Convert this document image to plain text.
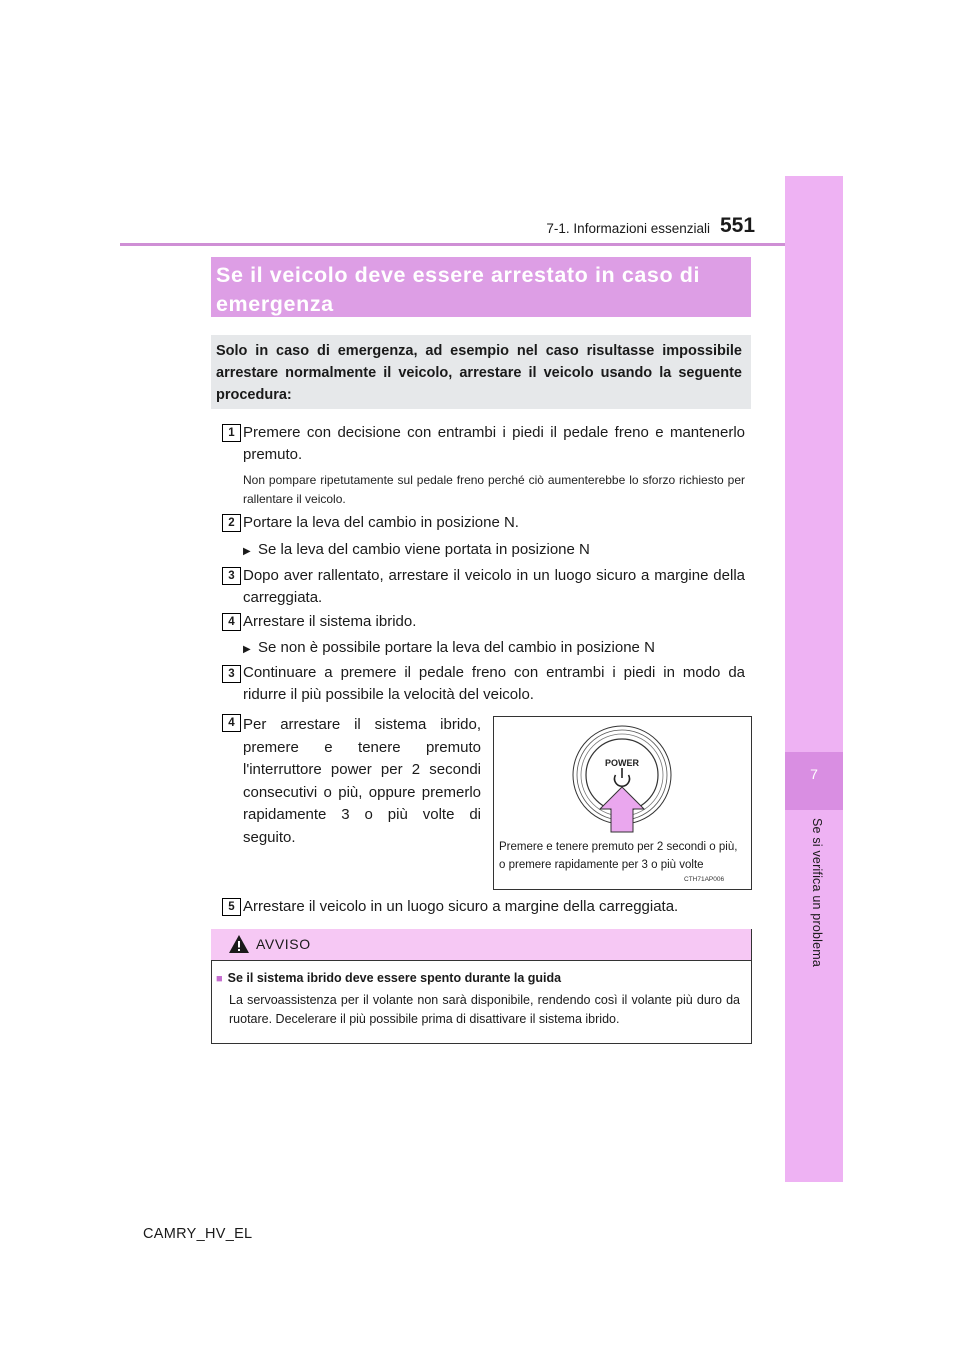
7-1. Informazioni essenziali 551
7
Se si verifica un problema
Se il veicolo deve essere arrestato in caso di emergenza
Solo in caso di emergenza, ad esempio nel caso risultasse impossibile arrestare normalmente il veicolo, arrestare il veicolo usando la seguente procedura:
1 Premere con decisione con entrambi i piedi il pedale freno e mantenerlo premuto.
Non pompare ripetutamente sul pedale freno perché ciò aumenterebbe lo sforzo richiesto per rallentare il veicolo.
2 Portare la leva del cambio in posizione N.
▶ Se la leva del cambio viene portata in posizione N
3 Dopo aver rallentato, arrestare il veicolo in un luogo sicuro a margine della carreggiata.
4 Arrestare il sistema ibrido.
▶ Se non è possibile portare la leva del cambio in posizione N
3 Continuare a premere il pedale freno con entrambi i piedi in modo da ridurre il più possibile la velocità del veicolo.
4 Per arrestare il sistema ibrido, premere e tenere premuto l'interruttore power per 2 secondi consecutivi o più, oppure premerlo rapidamente 3 o più volte di seguito.
POWER
Premere e tenere premuto per 2 secondi o più, o premere rapidamente per 3 o più volte
CTH71AP006
5 Arrestare il veicolo in un luogo sicuro a margine della carreggiata.
AVVISO
■ Se il sistema ibrido deve essere spento durante la guida
La servoassistenza per il volante non sarà disponibile, rendendo così il volante più duro da ruotare. Decelerare il più possibile prima di disattivare il sistema ibrido.
CAMRY_HV_EL
